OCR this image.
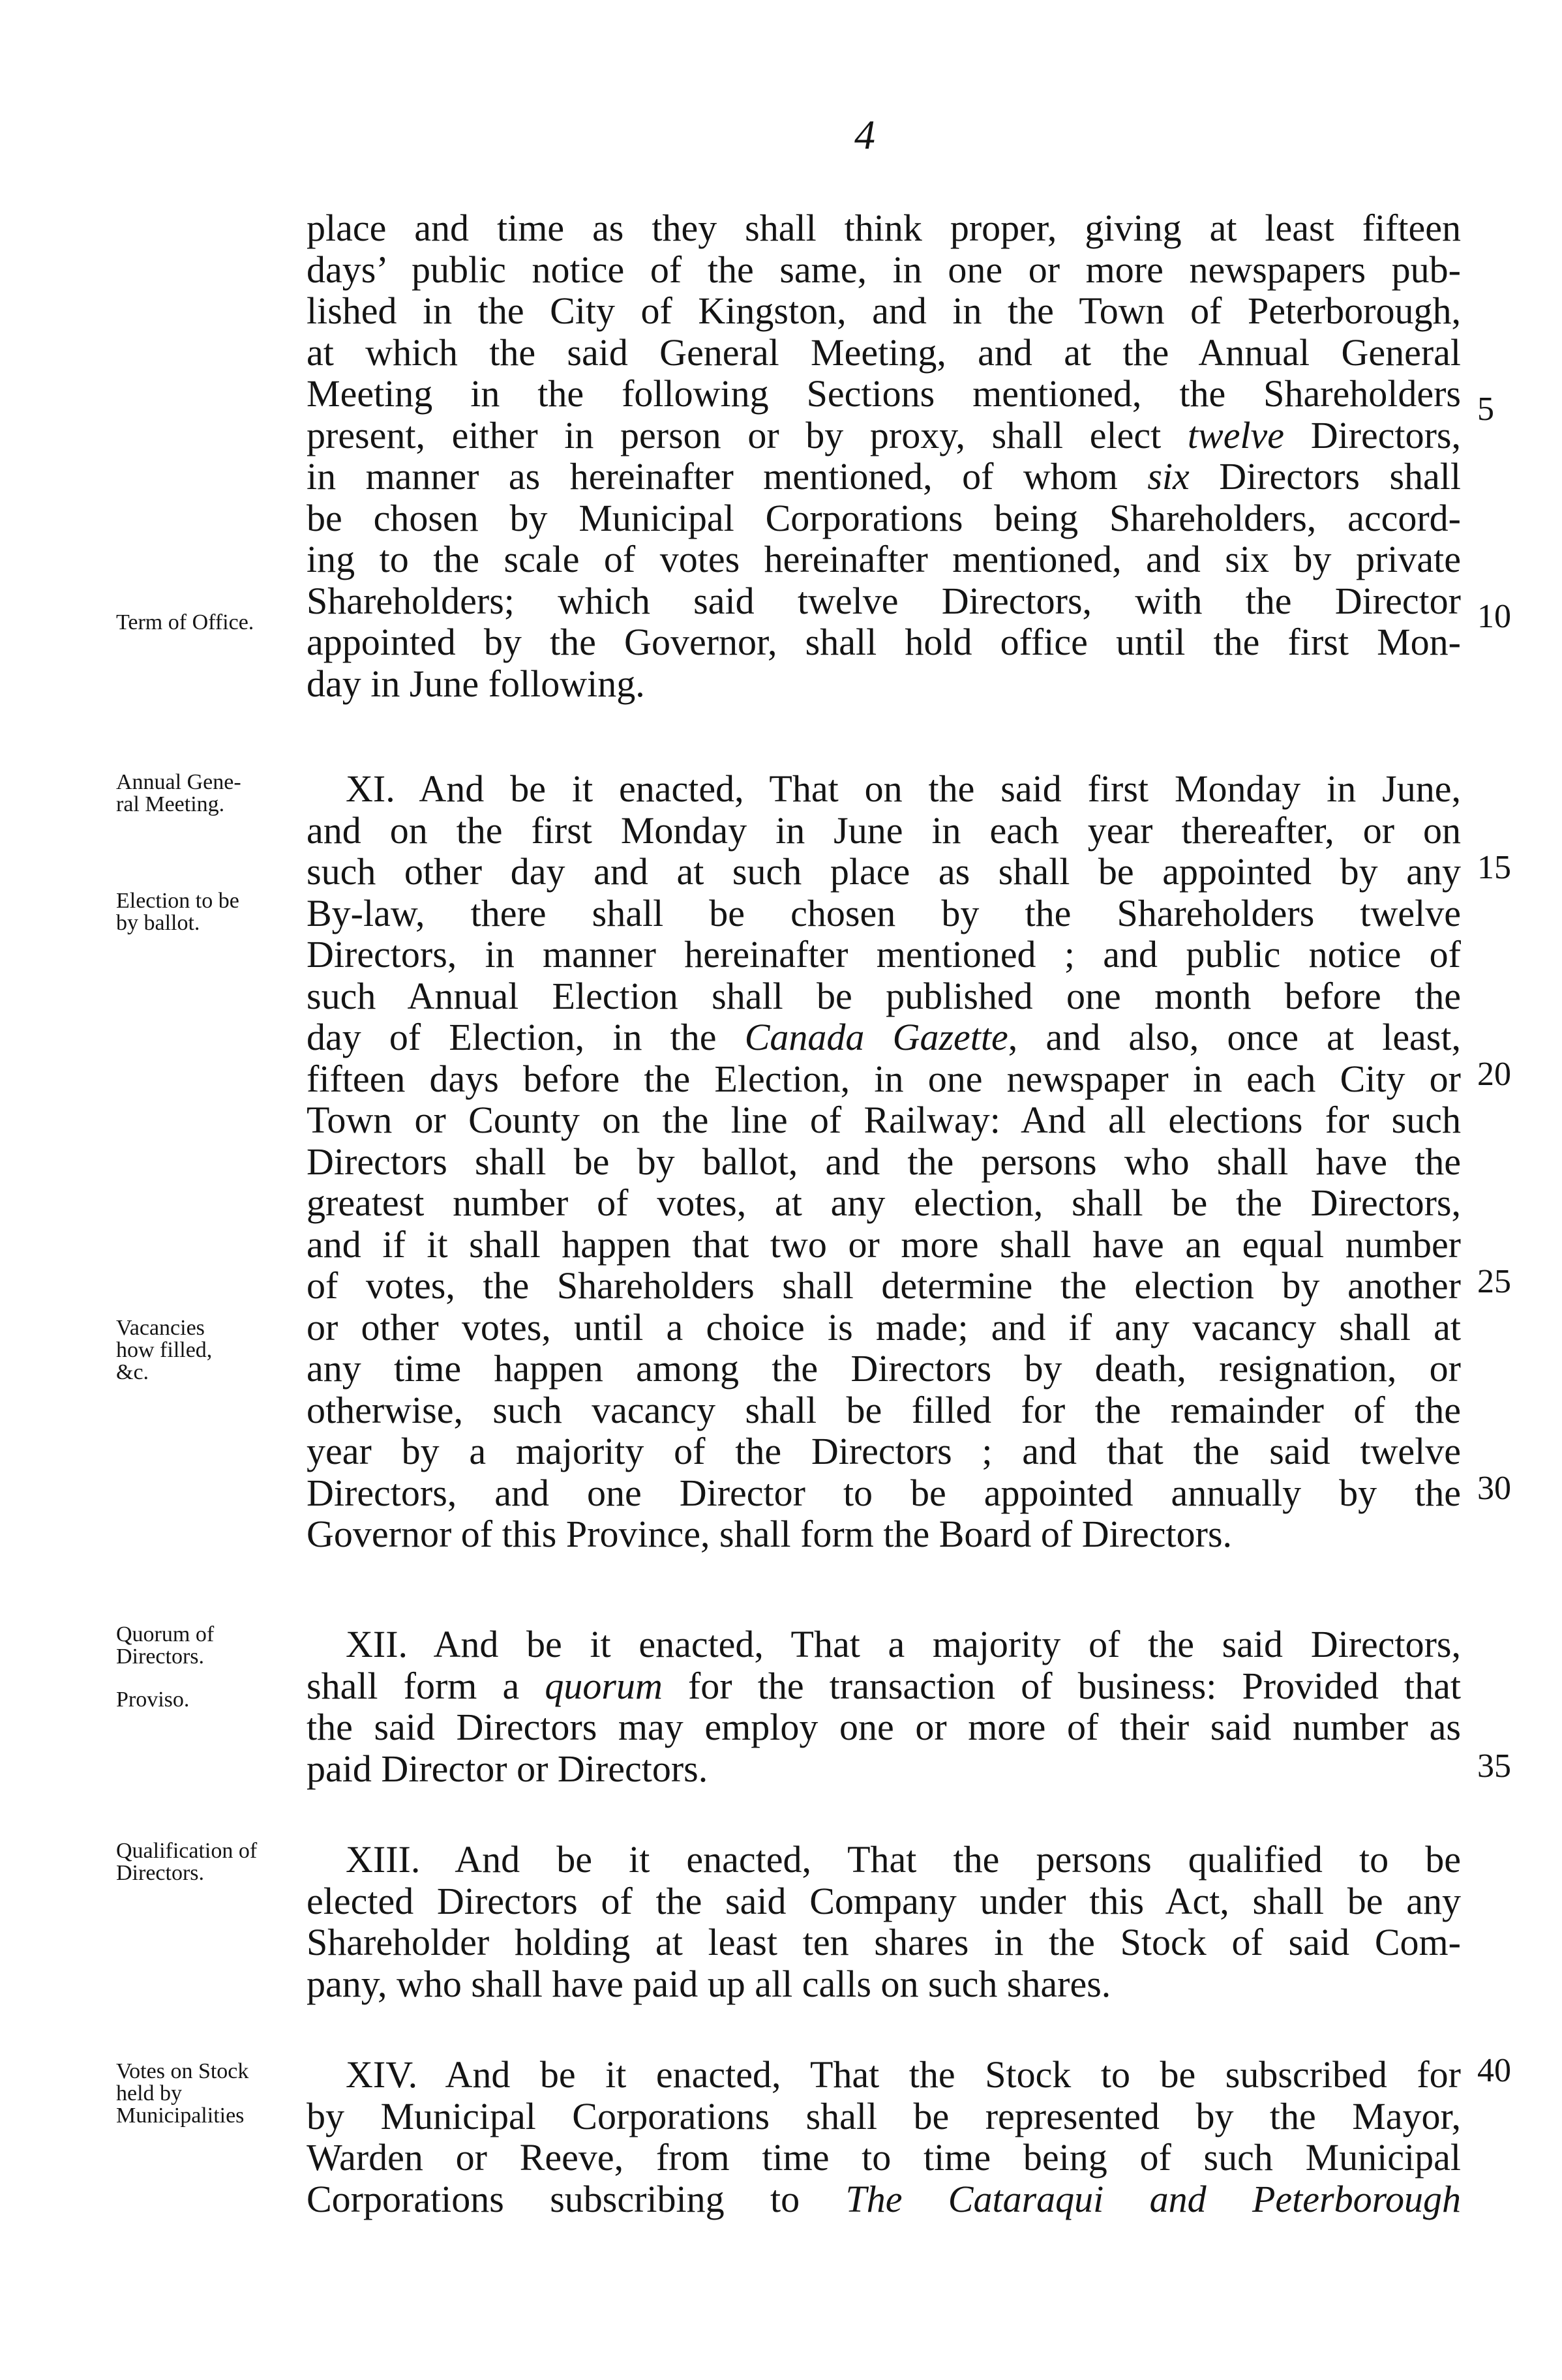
4
place and time as they shall think proper, giving at least fifteen
days’ public notice of the same, in one or more newspapers pub-
lished in the City of Kingston, and in the Town of Peterborough,
at which the said General Meeting, and at the Annual General
Meeting in the following Sections mentioned, the Shareholders
present, either in person or by proxy, shall elect twelve Directors,
in manner as hereinafter mentioned, of whom six Directors shall
be chosen by Municipal Corporations being Shareholders, accord-
ing to the scale of votes hereinafter mentioned, and six by private
Shareholders; which said twelve Directors, with the Director
appointed by the Governor, shall hold office until the first Mon-
day in June following.
XI. And be it enacted, That on the said first Monday in June,
and on the first Monday in June in each year thereafter, or on
such other day and at such place as shall be appointed by any
By-law, there shall be chosen by the Shareholders twelve
Directors, in manner hereinafter mentioned ; and public notice of
such Annual Election shall be published one month before the
day of Election, in the Canada Gazette, and also, once at least,
fifteen days before the Election, in one newspaper in each City or
Town or County on the line of Railway: And all elections for such
Directors shall be by ballot, and the persons who shall have the
greatest number of votes, at any election, shall be the Directors,
and if it shall happen that two or more shall have an equal number
of votes, the Shareholders shall determine the election by another
or other votes, until a choice is made; and if any vacancy shall at
any time happen among the Directors by death, resignation, or
otherwise, such vacancy shall be filled for the remainder of the
year by a majority of the Directors ; and that the said twelve
Directors, and one Director to be appointed annually by the
Governor of this Province, shall form the Board of Directors.
XII. And be it enacted, That a majority of the said Directors,
shall form a quorum for the transaction of business: Provided that
the said Directors may employ one or more of their said number as
paid Director or Directors.
XIII. And be it enacted, That the persons qualified to be
elected Directors of the said Company under this Act, shall be any
Shareholder holding at least ten shares in the Stock of said Com-
pany, who shall have paid up all calls on such shares.
XIV. And be it enacted, That the Stock to be subscribed for
by Municipal Corporations shall be represented by the Mayor,
Warden or Reeve, from time to time being of such Municipal
Corporations subscribing to The Cataraqui and Peterborough
5
10
15
20
25
30
35
40
Term of Office.
Annual Gene-ral Meeting.
Election to be by ballot.
Vacancies how filled, &c.
Quorum of Directors.
Proviso.
Qualification of Directors.
Votes on Stock held by Municipalities
